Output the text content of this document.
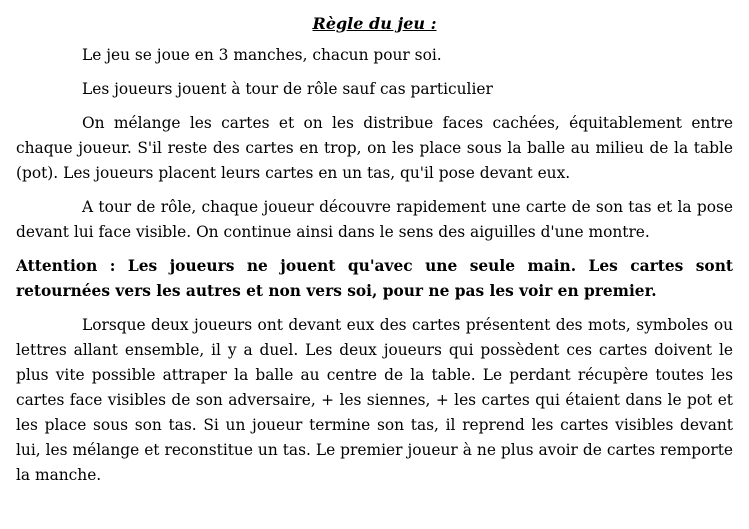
Règle du jeu :

Le jeu se joue en 3 manches, chacun pour soi.

Les joueurs jouent à tour de rôle sauf cas particulier

On mélange les cartes et on les distribue faces cachées, équitablement entre chaque joueur. S'il reste des cartes en trop, on les place sous la balle au milieu de la table (pot). Les joueurs placent leurs cartes en un tas, qu'il pose devant eux.

A tour de rôle, chaque joueur découvre rapidement une carte de son tas et la pose devant lui face visible. On continue ainsi dans le sens des aiguilles d'une montre.

Attention : Les joueurs ne jouent qu'avec une seule main. Les cartes sont retournées vers les autres et non vers soi, pour ne pas les voir en premier.

Lorsque deux joueurs ont devant eux des cartes présentent des mots, symboles ou lettres allant ensemble, il y a duel. Les deux joueurs qui possèdent ces cartes doivent le plus vite possible attraper la balle au centre de la table. Le perdant récupère toutes les cartes face visibles de son adversaire, + les siennes, + les cartes qui étaient dans le pot et les place sous son tas. Si un joueur termine son tas, il reprend les cartes visibles devant lui, les mélange et reconstitue un tas. Le premier joueur à ne plus avoir de cartes remporte la manche.
